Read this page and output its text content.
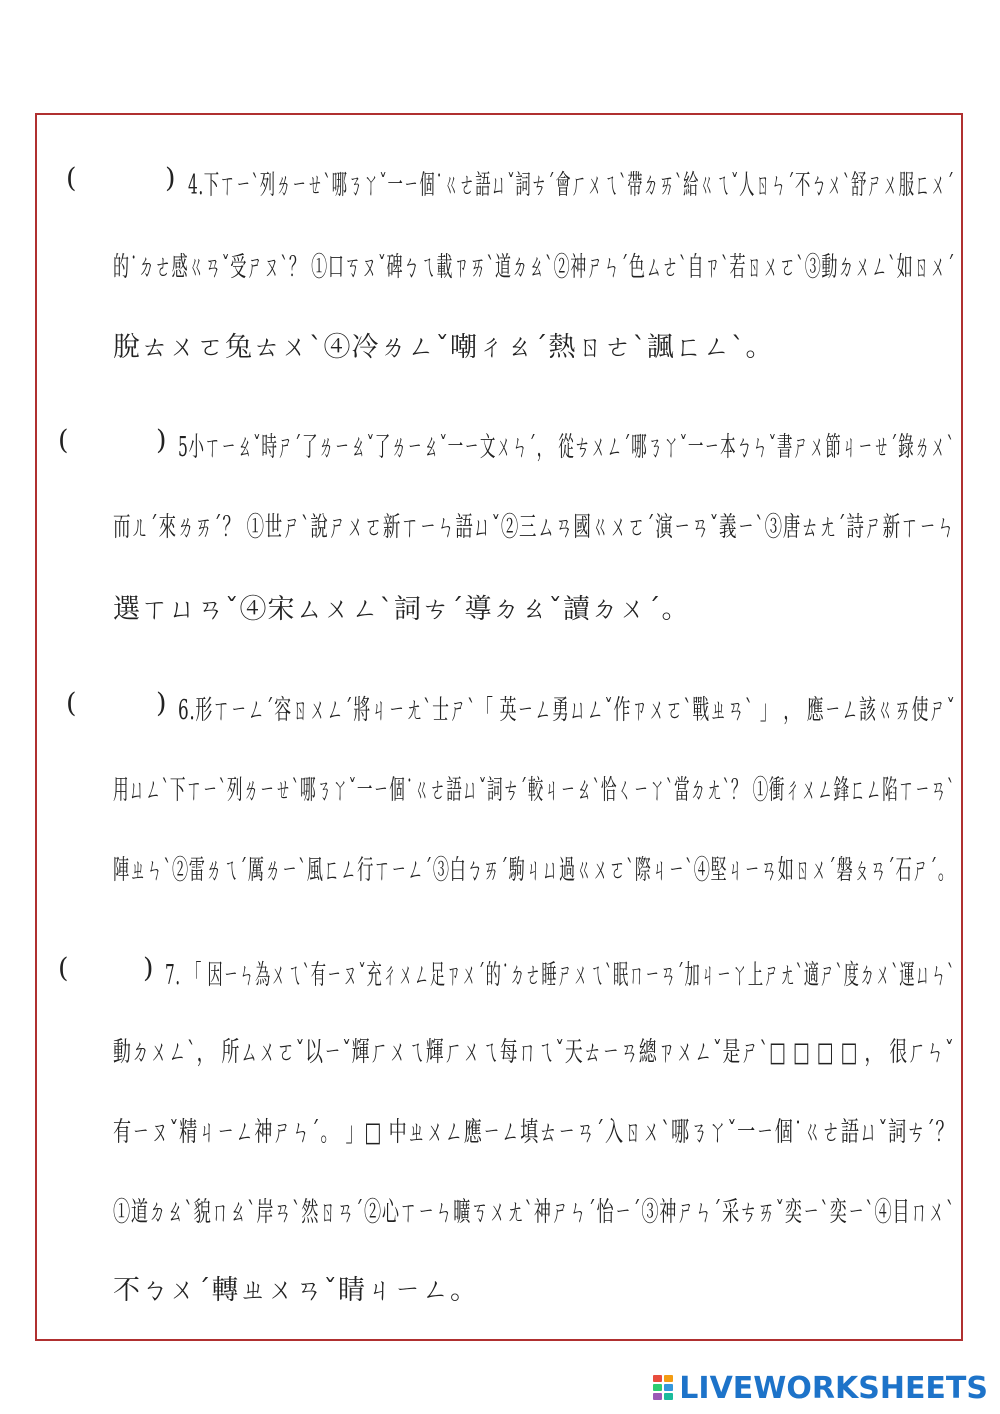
(	) 4.下ㄒㄧˋ列ㄌㄧㄝˋ哪ㄋㄚˇ一ㄧ個˙ㄍㄜ語ㄩˇ詞ㄘˊ會ㄏㄨㄟˋ帶ㄉㄞˋ給ㄍㄟˇ人ㄖㄣˊ不ㄅㄨˋ舒ㄕㄨ服ㄈㄨˊ
的˙ㄉㄜ感ㄍㄢˇ受ㄕㄡˋ？ ①口ㄎㄡˇ碑ㄅㄟ載ㄗㄞˋ道ㄉㄠˋ②神ㄕㄣˊ色ㄙㄜˋ自ㄗˋ若ㄖㄨㄛˋ③動ㄉㄨㄥˋ如ㄖㄨˊ
脫ㄊㄨㄛ兔ㄊㄨˋ④冷ㄌㄥˇ嘲ㄔㄠˊ熱ㄖㄜˋ諷ㄈㄥˋ。
(	) 5小ㄒㄧㄠˇ時ㄕˊ了ㄌㄧㄠˇ了ㄌㄧㄠˇ一ㄧ文ㄨㄣˊ， 從ㄘㄨㄥˊ哪ㄋㄚˇ一ㄧ本ㄅㄣˇ書ㄕㄨ節ㄐㄧㄝˊ錄ㄌㄨˋ
而ㄦˊ來ㄌㄞˊ？ ①世ㄕˋ說ㄕㄨㄛ新ㄒㄧㄣ語ㄩˇ②三ㄙㄢ國ㄍㄨㄛˊ演ㄧㄢˇ義ㄧˋ③唐ㄊㄤˊ詩ㄕ新ㄒㄧㄣ
選ㄒㄩㄢˇ④宋ㄙㄨㄥˋ詞ㄘˊ導ㄉㄠˇ讀ㄉㄨˊ。
(	) 6.形ㄒㄧㄥˊ容ㄖㄨㄥˊ將ㄐㄧㄤˋ士ㄕˋ「 英ㄧㄥ勇ㄩㄥˇ作ㄗㄨㄛˋ戰ㄓㄢˋ 」 ， 應ㄧㄥ該ㄍㄞ使ㄕˇ
用ㄩㄥˋ下ㄒㄧˋ列ㄌㄧㄝˋ哪ㄋㄚˇ一ㄧ個˙ㄍㄜ語ㄩˇ詞ㄘˊ較ㄐㄧㄠˋ恰ㄑㄧㄚˋ當ㄉㄤˋ？ ①衝ㄔㄨㄥ鋒ㄈㄥ陷ㄒㄧㄢˋ
陣ㄓㄣˋ②雷ㄌㄟˊ厲ㄌㄧˋ風ㄈㄥ行ㄒㄧㄥˊ③白ㄅㄞˊ駒ㄐㄩ過ㄍㄨㄛˋ際ㄐㄧˋ④堅ㄐㄧㄢ如ㄖㄨˊ磐ㄆㄢˊ石ㄕˊ。
(	) 7. 「 因ㄧㄣ為ㄨㄟˋ有ㄧㄡˇ充ㄔㄨㄥ足ㄗㄨˊ的˙ㄉㄜ睡ㄕㄨㄟˋ眠ㄇㄧㄢˊ加ㄐㄧㄚ上ㄕㄤˋ適ㄕˋ度ㄉㄨˋ運ㄩㄣˋ
動ㄉㄨㄥˋ， 所ㄙㄨㄛˇ以ㄧˇ輝ㄏㄨㄟ輝ㄏㄨㄟ每ㄇㄟˇ天ㄊㄧㄢ總ㄗㄨㄥˇ是ㄕˋ□ □ □ □ ， 很ㄏㄣˇ
有ㄧㄡˇ精ㄐㄧㄥ神ㄕㄣˊ。 」□ 中ㄓㄨㄥ應ㄧㄥ填ㄊㄧㄢˊ入ㄖㄨˋ哪ㄋㄚˇ一ㄧ個˙ㄍㄜ語ㄩˇ詞ㄘˊ？
①道ㄉㄠˋ貌ㄇㄠˋ岸ㄢˋ然ㄖㄢˊ②心ㄒㄧㄣ曠ㄎㄨㄤˋ神ㄕㄣˊ怡ㄧˊ③神ㄕㄣˊ采ㄘㄞˇ奕ㄧˋ奕ㄧˋ④目ㄇㄨˋ
不ㄅㄨˊ轉ㄓㄨㄢˇ睛ㄐㄧㄥ。
LIVEWORKSHEETS
